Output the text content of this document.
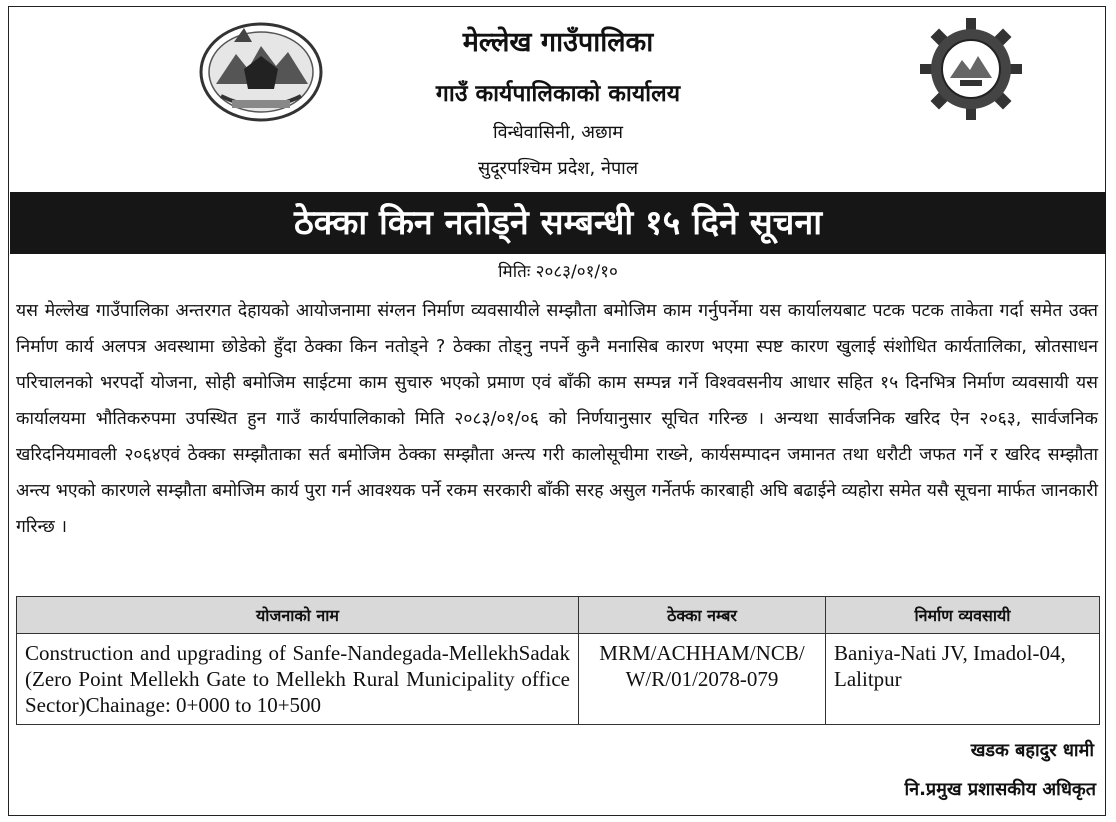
मेल्लेख गाउँपालिका
गाउँ कार्यपालिकाको कार्यालय
विन्धेवासिनी, अछाम
सुदूरपश्चिम प्रदेश, नेपाल
ठेक्का किन नतोड्ने सम्बन्धी १५ दिने सूचना
मितिः २०८३/०१/१०
यस मेल्लेख गाउँपालिका अन्तरगत देहायको आयोजनामा संग्लन निर्माण व्यवसायीले सम्झौता बमोजिम काम गर्नुपर्नेमा यस कार्यालयबाट पटक पटक ताकेता गर्दा समेत उक्त निर्माण कार्य अलपत्र अवस्थामा छोडेको हुँदा ठेक्का किन नतोड्ने ? ठेक्का तोड्नु नपर्ने कुनै मनासिब कारण भएमा स्पष्ट कारण खुलाई संशोधित कार्यतालिका, स्रोतसाधन परिचालनको भरपर्दो योजना, सोही बमोजिम साईटमा काम सुचारु भएको प्रमाण एवं बाँकी काम सम्पन्न गर्ने विश्ववसनीय आधार सहित १५ दिनभित्र निर्माण व्यवसायी यस कार्यालयमा भौतिकरुपमा उपस्थित हुन गाउँ कार्यपालिकाको मिति २०८३/०१/०६ को निर्णयानुसार सूचित गरिन्छ । अन्यथा सार्वजनिक खरिद ऐन २०६३, सार्वजनिक खरिदनियमावली २०६४एवं ठेक्का सम्झौताका सर्त बमोजिम ठेक्का सम्झौता अन्त्य गरी कालोसूचीमा राख्ने, कार्यसम्पादन जमानत तथा धरौटी जफत गर्ने र खरिद सम्झौता अन्त्य भएको कारणले सम्झौता बमोजिम कार्य पुरा गर्न आवश्यक पर्ने रकम सरकारी बाँकी सरह असुल गर्नेतर्फ कारबाही अघि बढाईने व्यहोरा समेत यसै सूचना मार्फत जानकारी गरिन्छ ।
योजनाको नाम	ठेक्का नम्बर	निर्माण व्यवसायी
Construction and upgrading of Sanfe-Nandegada-MellekhSadak (Zero Point Mellekh Gate to Mellekh Rural Municipality office Sector)Chainage: 0+000 to 10+500	MRM/ACHHAM/NCB/ W/R/01/2078-079	Baniya-Nati JV, Imadol-04, Lalitpur
खडक बहादुर धामी
नि.प्रमुख प्रशासकीय अधिकृत
